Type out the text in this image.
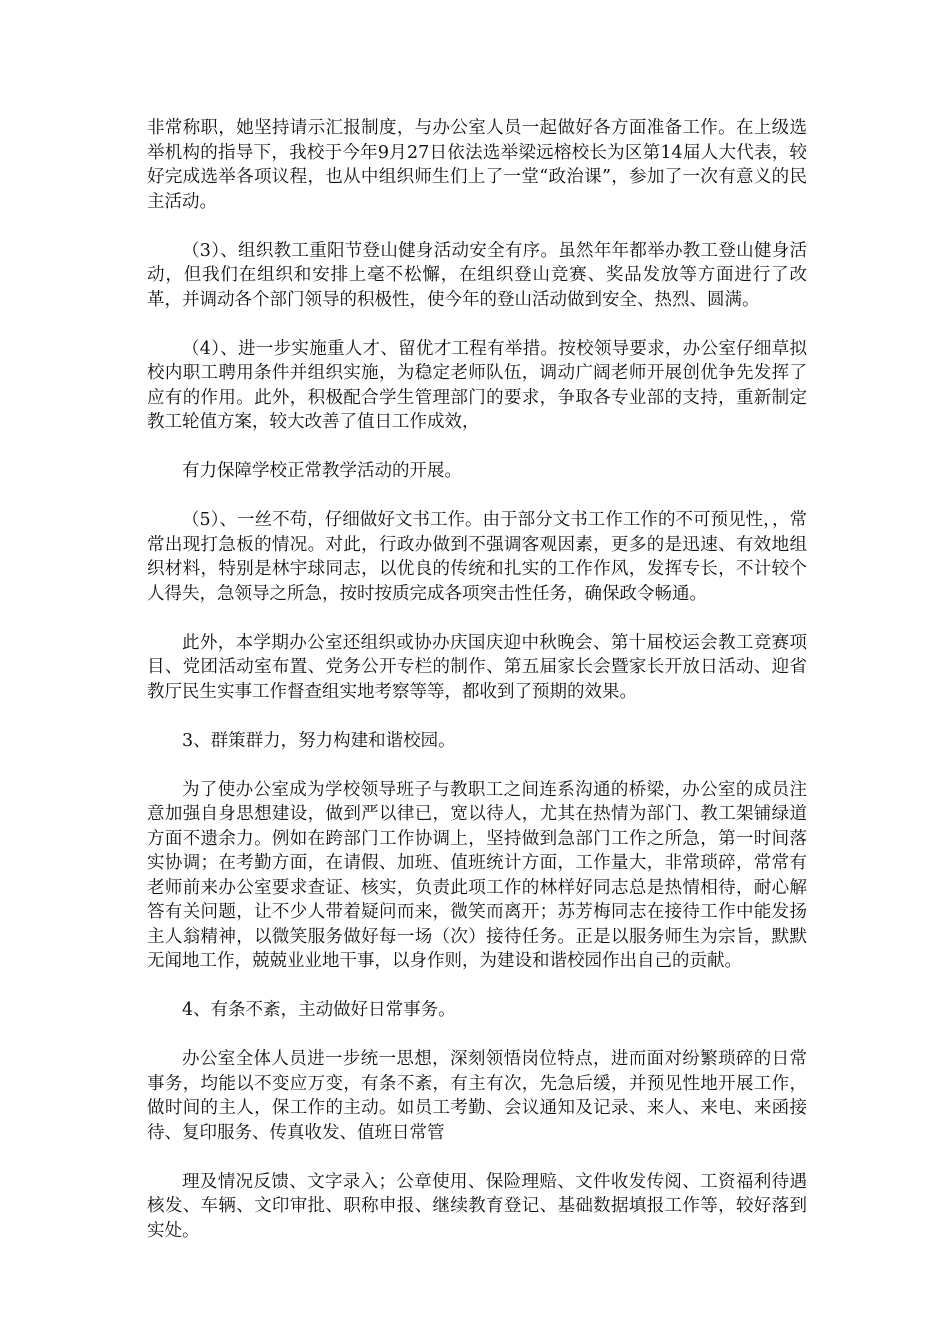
非常称职，她坚持请示汇报制度，与办公室人员一起做好各方面准备工作。在上级选举机构的指导下，我校于今年9月27日依法选举梁远榕校长为区第14届人大代表，较好完成选举各项议程，也从中组织师生们上了一堂“政治课”，参加了一次有意义的民主活动。

（3）、组织教工重阳节登山健身活动安全有序。虽然年年都举办教工登山健身活动，但我们在组织和安排上毫不松懈，在组织登山竞赛、奖品发放等方面进行了改革，并调动各个部门领导的积极性，使今年的登山活动做到安全、热烈、圆满。

（4）、进一步实施重人才、留优才工程有举措。按校领导要求，办公室仔细草拟校内职工聘用条件并组织实施，为稳定老师队伍，调动广阔老师开展创优争先发挥了应有的作用。此外，积极配合学生管理部门的要求，争取各专业部的支持，重新制定教工轮值方案，较大改善了值日工作成效，

有力保障学校正常教学活动的开展。

（5）、一丝不苟，仔细做好文书工作。由于部分文书工作工作的不可预见性，，常常出现打急板的情况。对此，行政办做到不强调客观因素，更多的是迅速、有效地组织材料，特别是林宇球同志，以优良的传统和扎实的工作作风，发挥专长，不计较个人得失，急领导之所急，按时按质完成各项突击性任务，确保政令畅通。

此外，本学期办公室还组织或协办庆国庆迎中秋晚会、第十届校运会教工竞赛项目、党团活动室布置、党务公开专栏的制作、第五届家长会暨家长开放日活动、迎省教厅民生实事工作督查组实地考察等等，都收到了预期的效果。

3、群策群力，努力构建和谐校园。

为了使办公室成为学校领导班子与教职工之间连系沟通的桥梁，办公室的成员注意加强自身思想建设，做到严以律已，宽以待人，尤其在热情为部门、教工架铺绿道方面不遗余力。例如在跨部门工作协调上，坚持做到急部门工作之所急，第一时间落实协调；在考勤方面，在请假、加班、值班统计方面，工作量大，非常琐碎，常常有老师前来办公室要求查证、核实，负责此项工作的林样好同志总是热情相待，耐心解答有关问题，让不少人带着疑问而来，微笑而离开；苏芳梅同志在接待工作中能发扬主人翁精神，以微笑服务做好每一场（次）接待任务。正是以服务师生为宗旨，默默无闻地工作，兢兢业业地干事，以身作则，为建设和谐校园作出自己的贡献。

4、有条不紊，主动做好日常事务。

办公室全体人员进一步统一思想，深刻领悟岗位特点，进而面对纷繁琐碎的日常事务，均能以不变应万变，有条不紊，有主有次，先急后缓，并预见性地开展工作，做时间的主人，保工作的主动。如员工考勤、会议通知及记录、来人、来电、来函接待、复印服务、传真收发、值班日常管

理及情况反馈、文字录入；公章使用、保险理赔、文件收发传阅、工资福利待遇核发、车辆、文印审批、职称申报、继续教育登记、基础数据填报工作等，较好落到实处。
